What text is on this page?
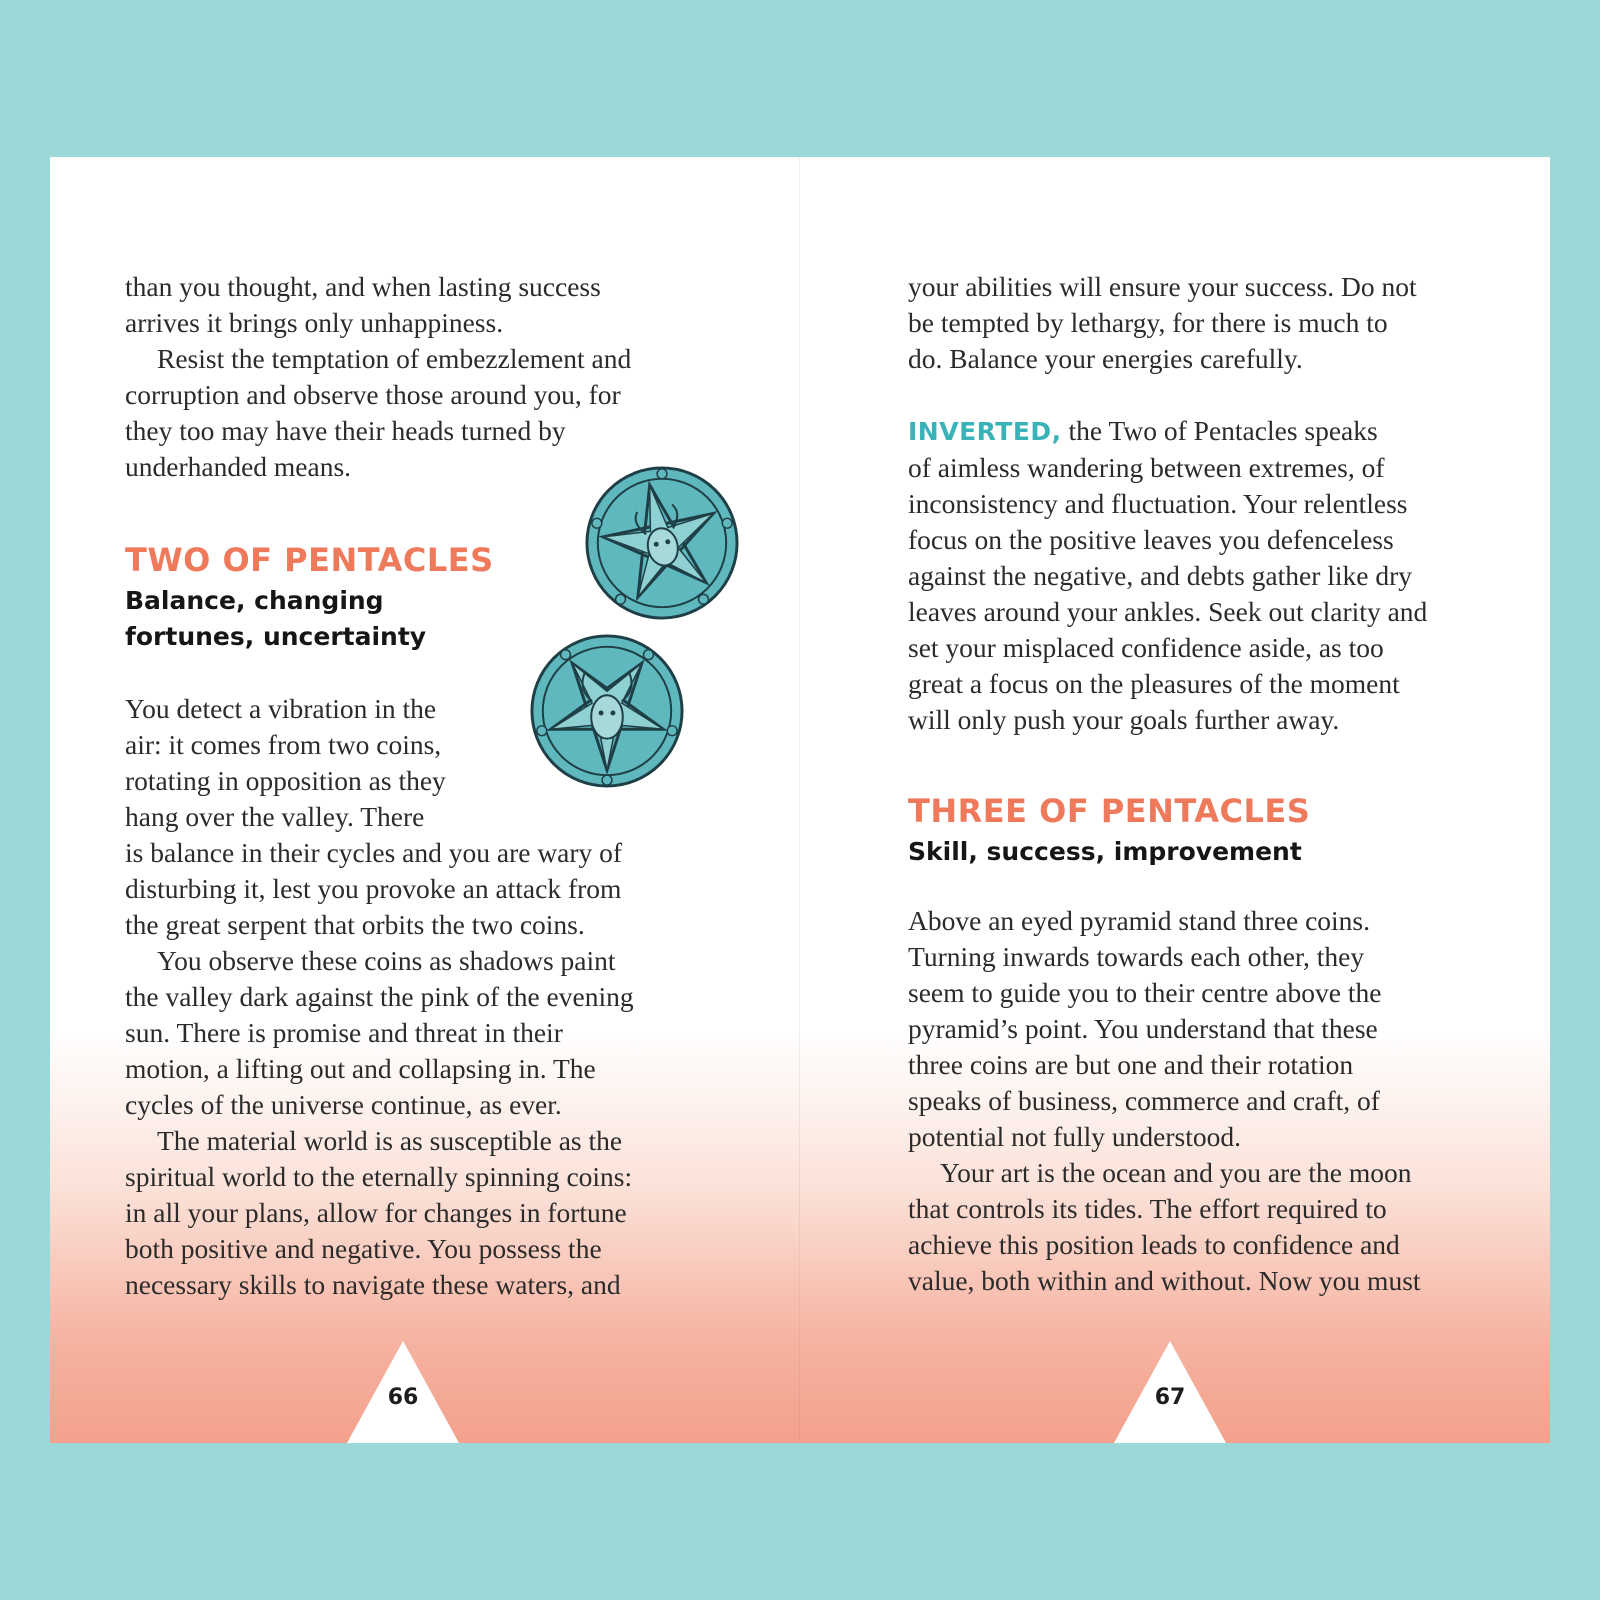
than you thought, and when lasting success
arrives it brings only unhappiness.
Resist the temptation of embezzlement and
corruption and observe those around you, for
they too may have their heads turned by
underhanded means.
TWO OF PENTACLES
Balance, changing
fortunes, uncertainty
You detect a vibration in the
air: it comes from two coins,
rotating in opposition as they
hang over the valley. There
is balance in their cycles and you are wary of
disturbing it, lest you provoke an attack from
the great serpent that orbits the two coins.
You observe these coins as shadows paint
the valley dark against the pink of the evening
sun. There is promise and threat in their
motion, a lifting out and collapsing in. The
cycles of the universe continue, as ever.
The material world is as susceptible as the
spiritual world to the eternally spinning coins:
in all your plans, allow for changes in fortune
both positive and negative. You possess the
necessary skills to navigate these waters, and
66
your abilities will ensure your success. Do not
be tempted by lethargy, for there is much to
do. Balance your energies carefully.
INVERTED, the Two of Pentacles speaks
of aimless wandering between extremes, of
inconsistency and fluctuation. Your relentless
focus on the positive leaves you defenceless
against the negative, and debts gather like dry
leaves around your ankles. Seek out clarity and
set your misplaced confidence aside, as too
great a focus on the pleasures of the moment
will only push your goals further away.
THREE OF PENTACLES
Skill, success, improvement
Above an eyed pyramid stand three coins.
Turning inwards towards each other, they
seem to guide you to their centre above the
pyramid’s point. You understand that these
three coins are but one and their rotation
speaks of business, commerce and craft, of
potential not fully understood.
Your art is the ocean and you are the moon
that controls its tides. The effort required to
achieve this position leads to confidence and
value, both within and without. Now you must
67
